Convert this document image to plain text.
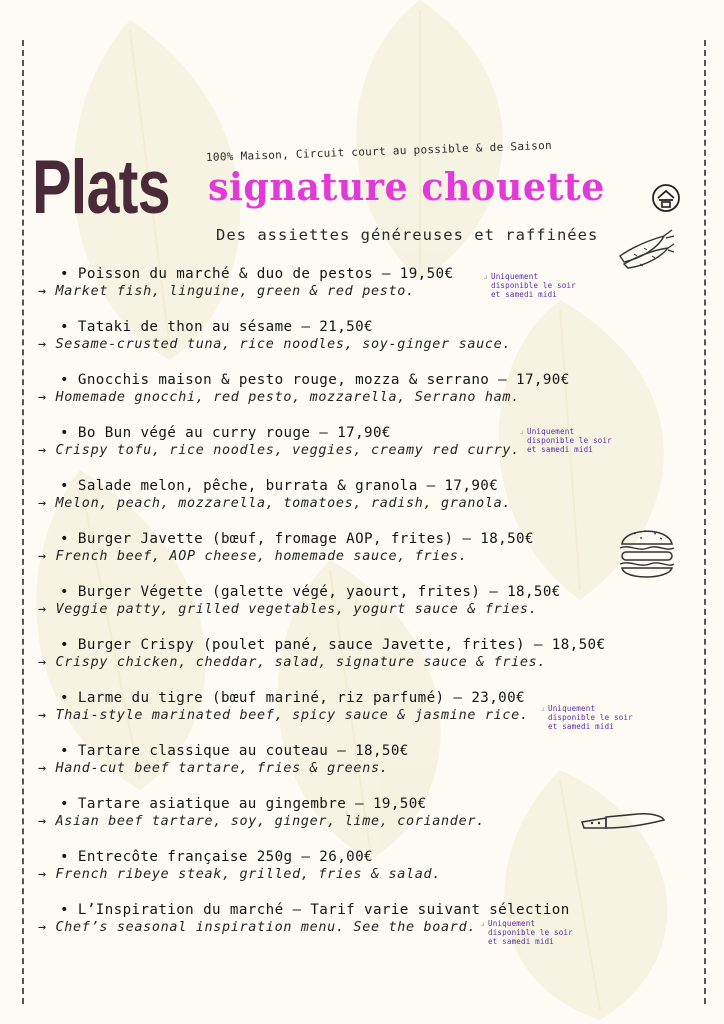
100% Maison, Circuit court au possible & de Saison
Plats signature chouette
Des assiettes généreuses et raffinées
• Poisson du marché & duo de pestos – 19,50€
→ Market fish, linguine, green & red pesto.
⌟ Uniquement
disponible le soir
et samedi midi
• Tataki de thon au sésame – 21,50€
→ Sesame-crusted tuna, rice noodles, soy-ginger sauce.
• Gnocchis maison & pesto rouge, mozza & serrano – 17,90€
→ Homemade gnocchi, red pesto, mozzarella, Serrano ham.
• Bo Bun végé au curry rouge – 17,90€
→ Crispy tofu, rice noodles, veggies, creamy red curry.
⌟ Uniquement
disponible le soir
et samedi midi
• Salade melon, pêche, burrata & granola – 17,90€
→ Melon, peach, mozzarella, tomatoes, radish, granola.
• Burger Javette (bœuf, fromage AOP, frites) – 18,50€
→ French beef, AOP cheese, homemade sauce, fries.
• Burger Végette (galette végé, yaourt, frites) – 18,50€
→ Veggie patty, grilled vegetables, yogurt sauce & fries.
• Burger Crispy (poulet pané, sauce Javette, frites) – 18,50€
→ Crispy chicken, cheddar, salad, signature sauce & fries.
• Larme du tigre (bœuf mariné, riz parfumé) – 23,00€
→ Thai-style marinated beef, spicy sauce & jasmine rice. ⌟ Uniquement
disponible le soir
et samedi midi
• Tartare classique au couteau – 18,50€
→ Hand-cut beef tartare, fries & greens.
• Tartare asiatique au gingembre – 19,50€
→ Asian beef tartare, soy, ginger, lime, coriander.
• Entrecôte française 250g – 26,00€
→ French ribeye steak, grilled, fries & salad.
• L’Inspiration du marché – Tarif varie suivant sélection
→ Chef’s seasonal inspiration menu. See the board. ⌟ Uniquement
disponible le soir
et samedi midi
